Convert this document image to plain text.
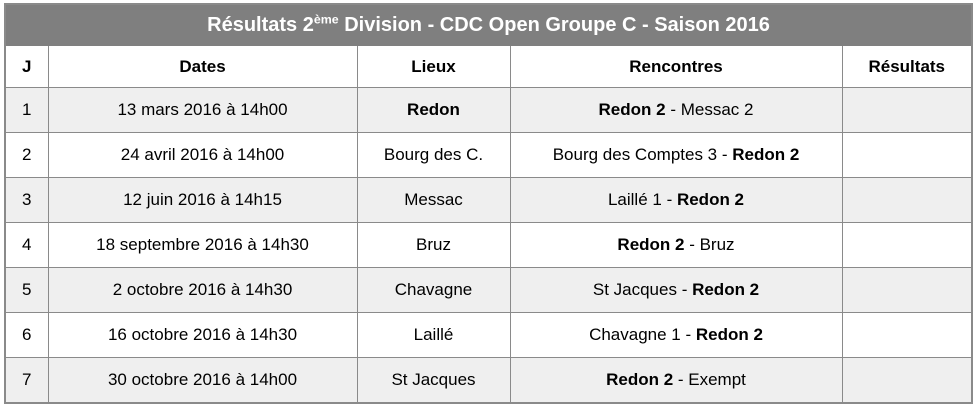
Résultats 2ème Division - CDC Open Groupe C - Saison 2016				
J	Dates	Lieux	Rencontres	Résultats
1	13 mars 2016 à 14h00	Redon	Redon 2 - Messac 2	
2	24 avril 2016 à 14h00	Bourg des C.	Bourg des Comptes 3 - Redon 2	
3	12 juin 2016 à 14h15	Messac	Laillé 1 - Redon 2	
4	18 septembre 2016 à 14h30	Bruz	Redon 2 - Bruz	
5	2 octobre 2016 à 14h30	Chavagne	St Jacques - Redon 2	
6	16 octobre 2016 à 14h30	Laillé	Chavagne 1 - Redon 2	
7	30 octobre 2016 à 14h00	St Jacques	Redon 2 - Exempt	
